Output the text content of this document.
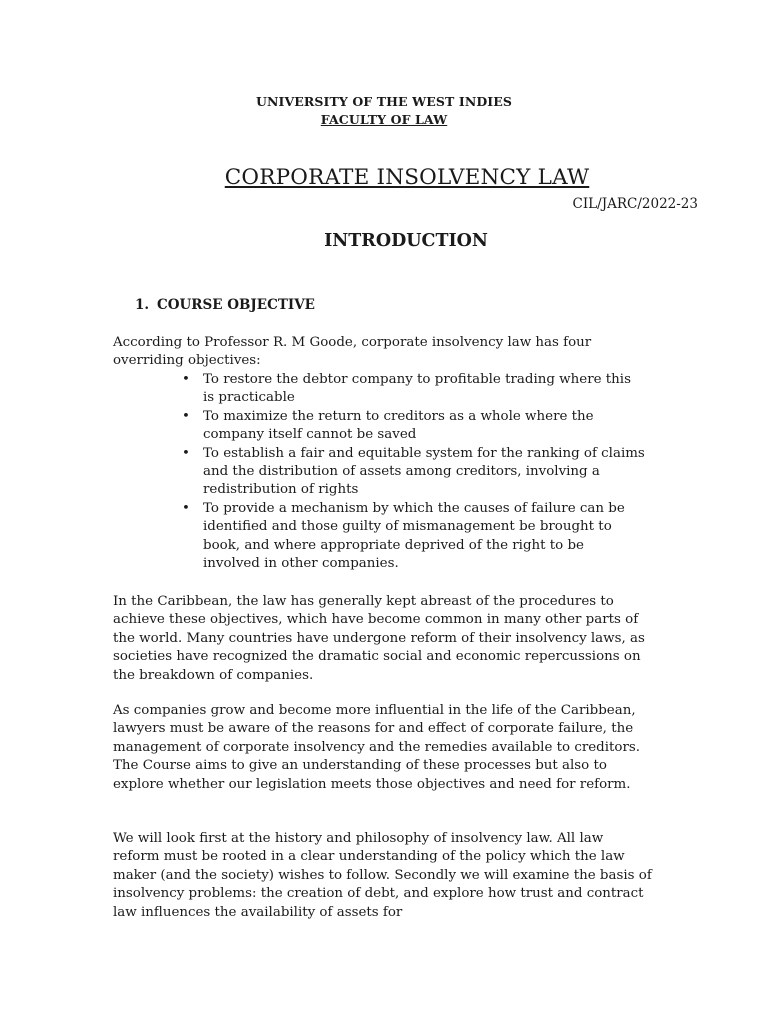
UNIVERSITY OF THE WEST INDIES
FACULTY OF LAW
CORPORATE INSOLVENCY LAW
CIL/JARC/2022-23
INTRODUCTION
1. COURSE OBJECTIVE
According to Professor R. M Goode, corporate insolvency law has four overriding objectives:
• To restore the debtor company to profitable trading where this is practicable
• To maximize the return to creditors as a whole where the company itself cannot be saved
• To establish a fair and equitable system for the ranking of claims and the distribution of assets among creditors, involving a redistribution of rights
• To provide a mechanism by which the causes of failure can be identified and those guilty of mismanagement be brought to book, and where appropriate deprived of the right to be involved in other companies.
In the Caribbean, the law has generally kept abreast of the procedures to achieve these objectives, which have become common in many other parts of the world. Many countries have undergone reform of their insolvency laws, as societies have recognized the dramatic social and economic repercussions on the breakdown of companies.
As companies grow and become more influential in the life of the Caribbean, lawyers must be aware of the reasons for and effect of corporate failure, the management of corporate insolvency and the remedies available to creditors. The Course aims to give an understanding of these processes but also to explore whether our legislation meets those objectives and need for reform.
We will look first at the history and philosophy of insolvency law. All law reform must be rooted in a clear understanding of the policy which the law maker (and the society) wishes to follow. Secondly we will examine the basis of insolvency problems: the creation of debt, and explore how trust and contract law influences the availability of assets for
